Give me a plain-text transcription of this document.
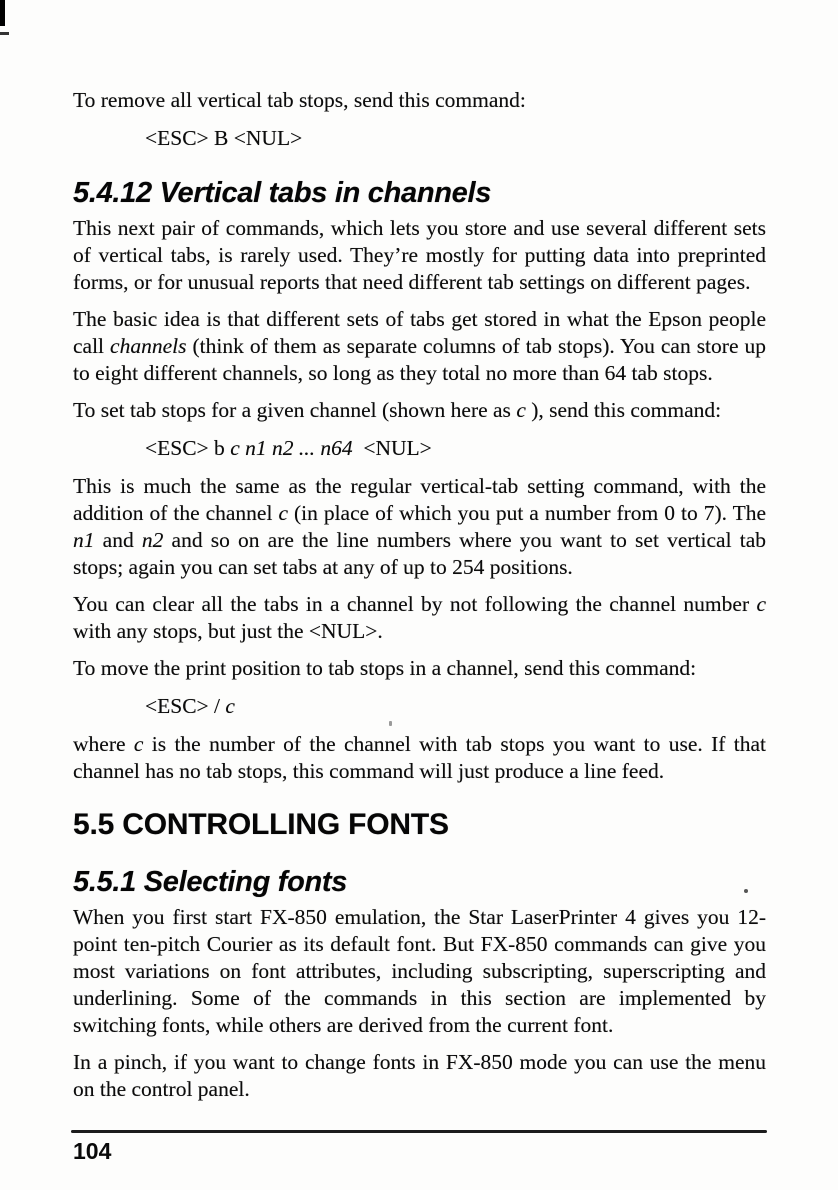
To remove all vertical tab stops, send this command:

<ESC> B <NUL>

5.4.12 Vertical tabs in channels

This next pair of commands, which lets you store and use several different sets of vertical tabs, is rarely used. They’re mostly for putting data into preprinted forms, or for unusual reports that need different tab settings on different pages.

The basic idea is that different sets of tabs get stored in what the Epson people call channels (think of them as separate columns of tab stops). You can store up to eight different channels, so long as they total no more than 64 tab stops.

To set tab stops for a given channel (shown here as c ), send this command:

<ESC> b c n1 n2 ... n64  <NUL>

This is much the same as the regular vertical-tab setting command, with the addition of the channel c (in place of which you put a number from 0 to 7). The n1 and n2 and so on are the line numbers where you want to set vertical tab stops; again you can set tabs at any of up to 254 positions.

You can clear all the tabs in a channel by not following the channel number c with any stops, but just the <NUL>.

To move the print position to tab stops in a channel, send this command:

<ESC> / c

where c is the number of the channel with tab stops you want to use. If that channel has no tab stops, this command will just produce a line feed.

5.5 CONTROLLING FONTS
5.5.1 Selecting fonts

When you first start FX-850 emulation, the Star LaserPrinter 4 gives you 12-point ten-pitch Courier as its default font. But FX-850 commands can give you most variations on font attributes, including subscripting, superscripting and underlining. Some of the commands in this section are implemented by switching fonts, while others are derived from the current font.

In a pinch, if you want to change fonts in FX-850 mode you can use the menu on the control panel.

104
